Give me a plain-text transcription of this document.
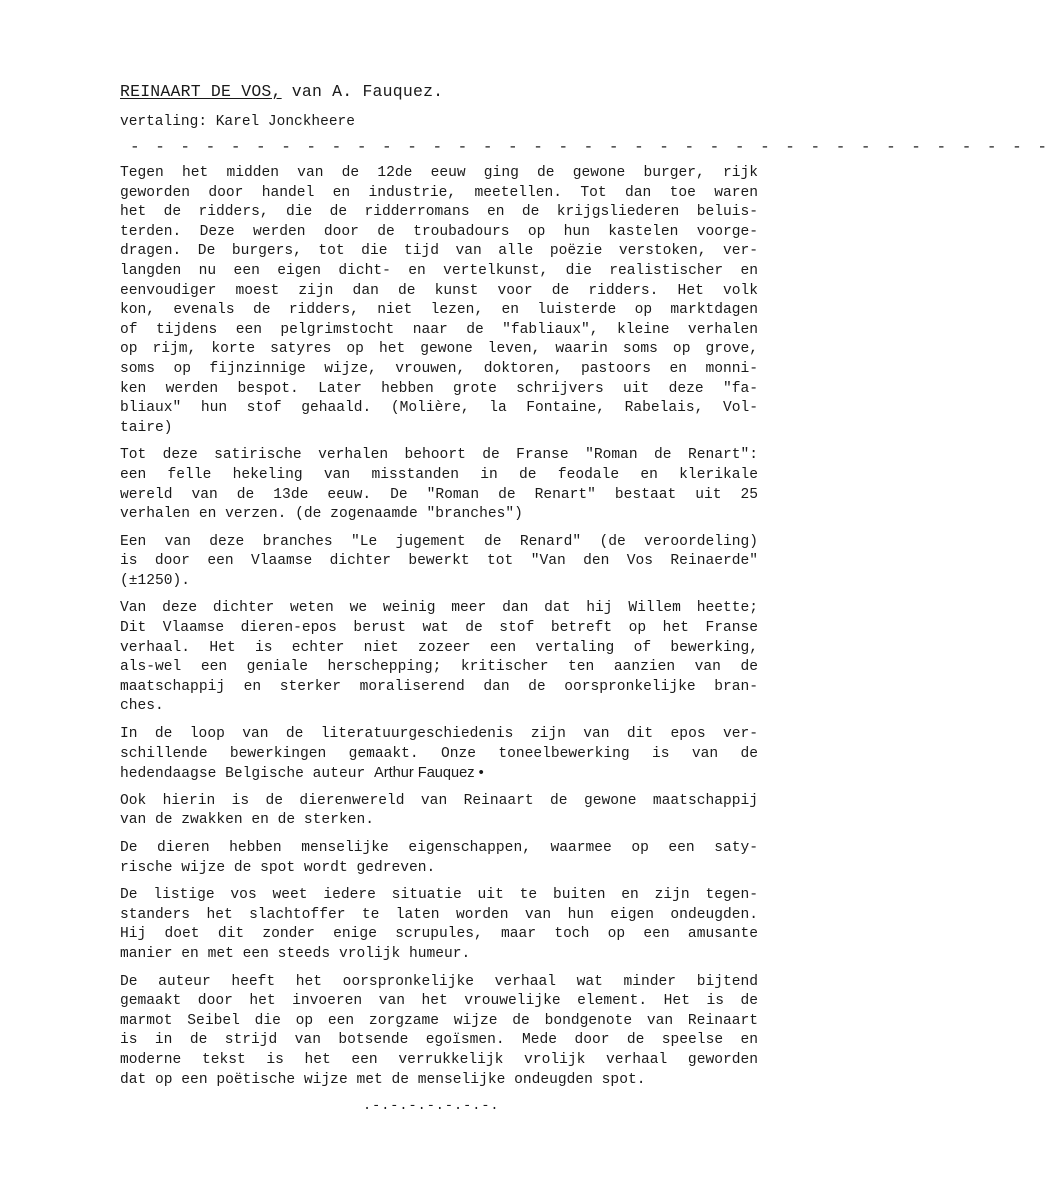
REINAART DE VOS, van A. Fauquez.
vertaling: Karel Jonckheere
- - - - - - - - - - - - - - - - - - - - - - - - - - - - - - - - - - - - -
Tegen het midden van de 12de eeuw ging de gewone burger, rijk
geworden door handel en industrie, meetellen. Tot dan toe waren
het de ridders, die de ridderromans en de krijgsliederen beluis-
terden. Deze werden door de troubadours op hun kastelen voorge-
dragen. De burgers, tot die tijd van alle poëzie verstoken, ver-
langden nu een eigen dicht- en vertelkunst, die realistischer en
eenvoudiger moest zijn dan de kunst voor de ridders. Het volk
kon, evenals de ridders, niet lezen, en luisterde op marktdagen
of tijdens een pelgrimstocht naar de "fabliaux", kleine verhalen
op rijm, korte satyres op het gewone leven, waarin soms op grove,
soms op fijnzinnige wijze, vrouwen, doktoren, pastoors en monni-
ken werden bespot. Later hebben grote schrijvers uit deze "fa-
bliaux" hun stof gehaald. (Molière, la Fontaine, Rabelais, Vol-
taire)
Tot deze satirische verhalen behoort de Franse "Roman de Renart":
een felle hekeling van misstanden in de feodale en klerikale
wereld van de 13de eeuw. De "Roman de Renart" bestaat uit 25
verhalen en verzen. (de zogenaamde "branches")
Een van deze branches "Le jugement de Renard" (de veroordeling)
is door een Vlaamse dichter bewerkt tot "Van den Vos Reinaerde"
(±1250).
Van deze dichter weten we weinig meer dan dat hij Willem heette;
Dit Vlaamse dieren-epos berust wat de stof betreft op het Franse
verhaal. Het is echter niet zozeer een vertaling of bewerking,
als-wel een geniale herschepping; kritischer ten aanzien van de
maatschappij en sterker moraliserend dan de oorspronkelijke bran-
ches.
In de loop van de literatuurgeschiedenis zijn van dit epos ver-
schillende bewerkingen gemaakt. Onze toneelbewerking is van de
hedendaagse Belgische auteur Arthur Fauquez •
Ook hierin is de dierenwereld van Reinaart de gewone maatschappij
van de zwakken en de sterken.
De dieren hebben menselijke eigenschappen, waarmee op een saty-
rische wijze de spot wordt gedreven.
De listige vos weet iedere situatie uit te buiten en zijn tegen-
standers het slachtoffer te laten worden van hun eigen ondeugden.
Hij doet dit zonder enige scrupules, maar toch op een amusante
manier en met een steeds vrolijk humeur.
De auteur heeft het oorspronkelijke verhaal wat minder bijtend
gemaakt door het invoeren van het vrouwelijke element. Het is de
marmot Seibel die op een zorgzame wijze de bondgenote van Reinaart
is in de strijd van botsende egoïsmen. Mede door de speelse en
moderne tekst is het een verrukkelijk vrolijk verhaal geworden
dat op een poëtische wijze met de menselijke ondeugden spot.
.-.-.-.-.-.-.-.
